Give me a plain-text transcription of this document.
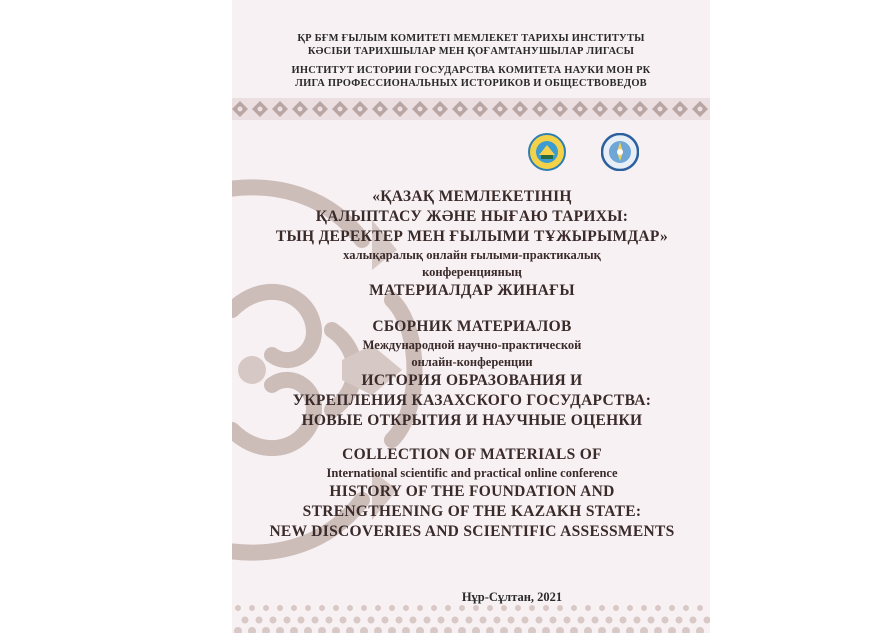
ҚР БҒМ ҒЫЛЫМ КОМИТЕТІ МЕМЛЕКЕТ ТАРИХЫ ИНСТИТУТЫ
КӘСІБИ ТАРИХШЫЛАР МЕН ҚОҒАМТАНУШЫЛАР ЛИГАСЫ
ИНСТИТУТ ИСТОРИИ ГОСУДАРСТВА КОМИТЕТА НАУКИ МОН РК
ЛИГА ПРОФЕССИОНАЛЬНЫХ ИСТОРИКОВ И ОБЩЕСТВОВЕДОВ
«ҚАЗАҚ МЕМЛЕКЕТІНІҢ
ҚАЛЫПТАСУ ЖӘНЕ НЫҒАЮ ТАРИХЫ:
ТЫҢ ДЕРЕКТЕР МЕН ҒЫЛЫМИ ТҰЖЫРЫМДАР»
халықаралық онлайн ғылыми-практикалық
конференцияның
МАТЕРИАЛДАР ЖИНАҒЫ
СБОРНИК МАТЕРИАЛОВ
Международной научно-практической
онлайн-конференции
ИСТОРИЯ ОБРАЗОВАНИЯ И
УКРЕПЛЕНИЯ КАЗАХСКОГО ГОСУДАРСТВА:
НОВЫЕ ОТКРЫТИЯ И НАУЧНЫЕ ОЦЕНКИ
COLLECTION OF MATERIALS OF
International scientific and practical online conference
HISTORY OF THE FOUNDATION AND
STRENGTHENING OF THE KAZAKH STATE:
NEW DISCOVERIES AND SCIENTIFIC ASSESSMENTS
Нұр-Сұлтан, 2021
